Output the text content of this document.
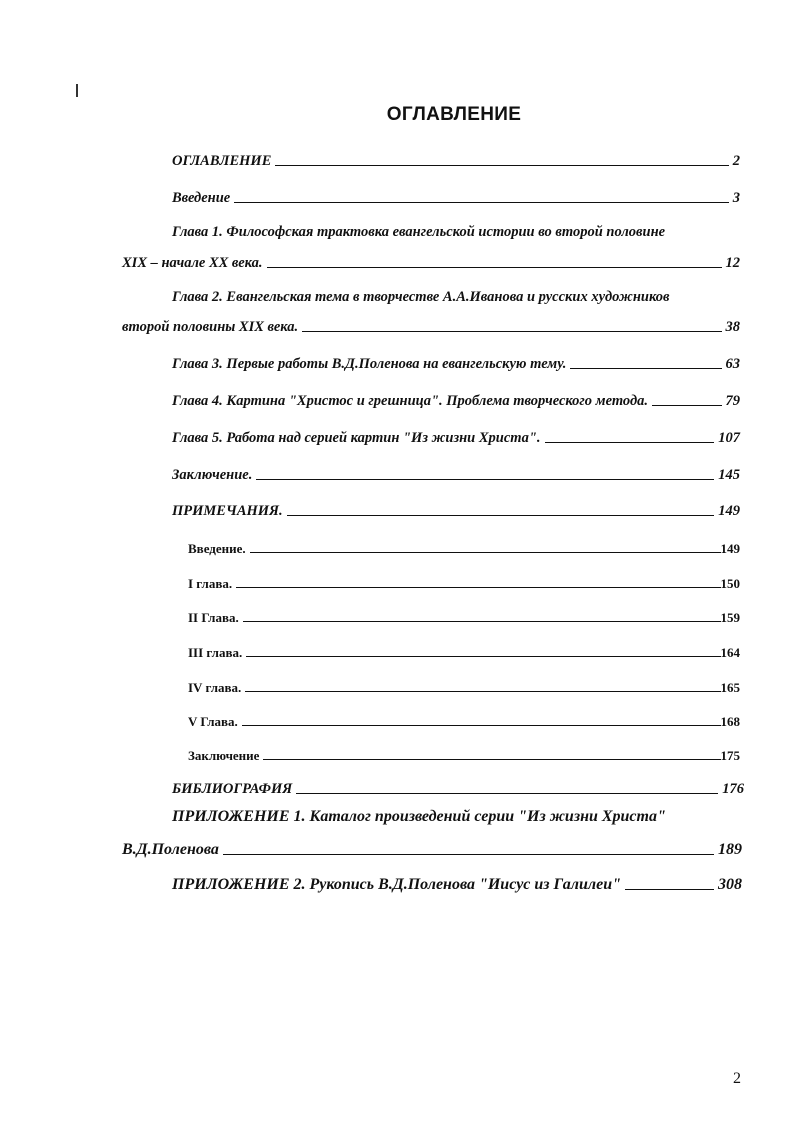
ОГЛАВЛЕНИЕ
ОГЛАВЛЕНИЕ	2
Введение	3
Глава 1. Философская трактовка евангельской истории во второй половине
XIX – начале XX века.	12
Глава 2. Евангельская тема в творчестве А.А.Иванова и русских художников
второй половины XIX века.	38
Глава 3. Первые работы В.Д.Поленова на евангельскую тему.	63
Глава 4. Картина "Христос и грешница". Проблема творческого метода.	79
Глава 5. Работа над серией картин "Из жизни Христа".	107
Заключение.	145
ПРИМЕЧАНИЯ.	149
Введение.	149
I глава.	150
II Глава.	159
III глава.	164
IV глава.	165
V Глава.	168
Заключение	175
БИБЛИОГРАФИЯ	176
ПРИЛОЖЕНИЕ 1. Каталог произведений серии "Из жизни Христа"
В.Д.Поленова	189
ПРИЛОЖЕНИЕ 2. Рукопись В.Д.Поленова "Иисус из Галилеи"	308
2
